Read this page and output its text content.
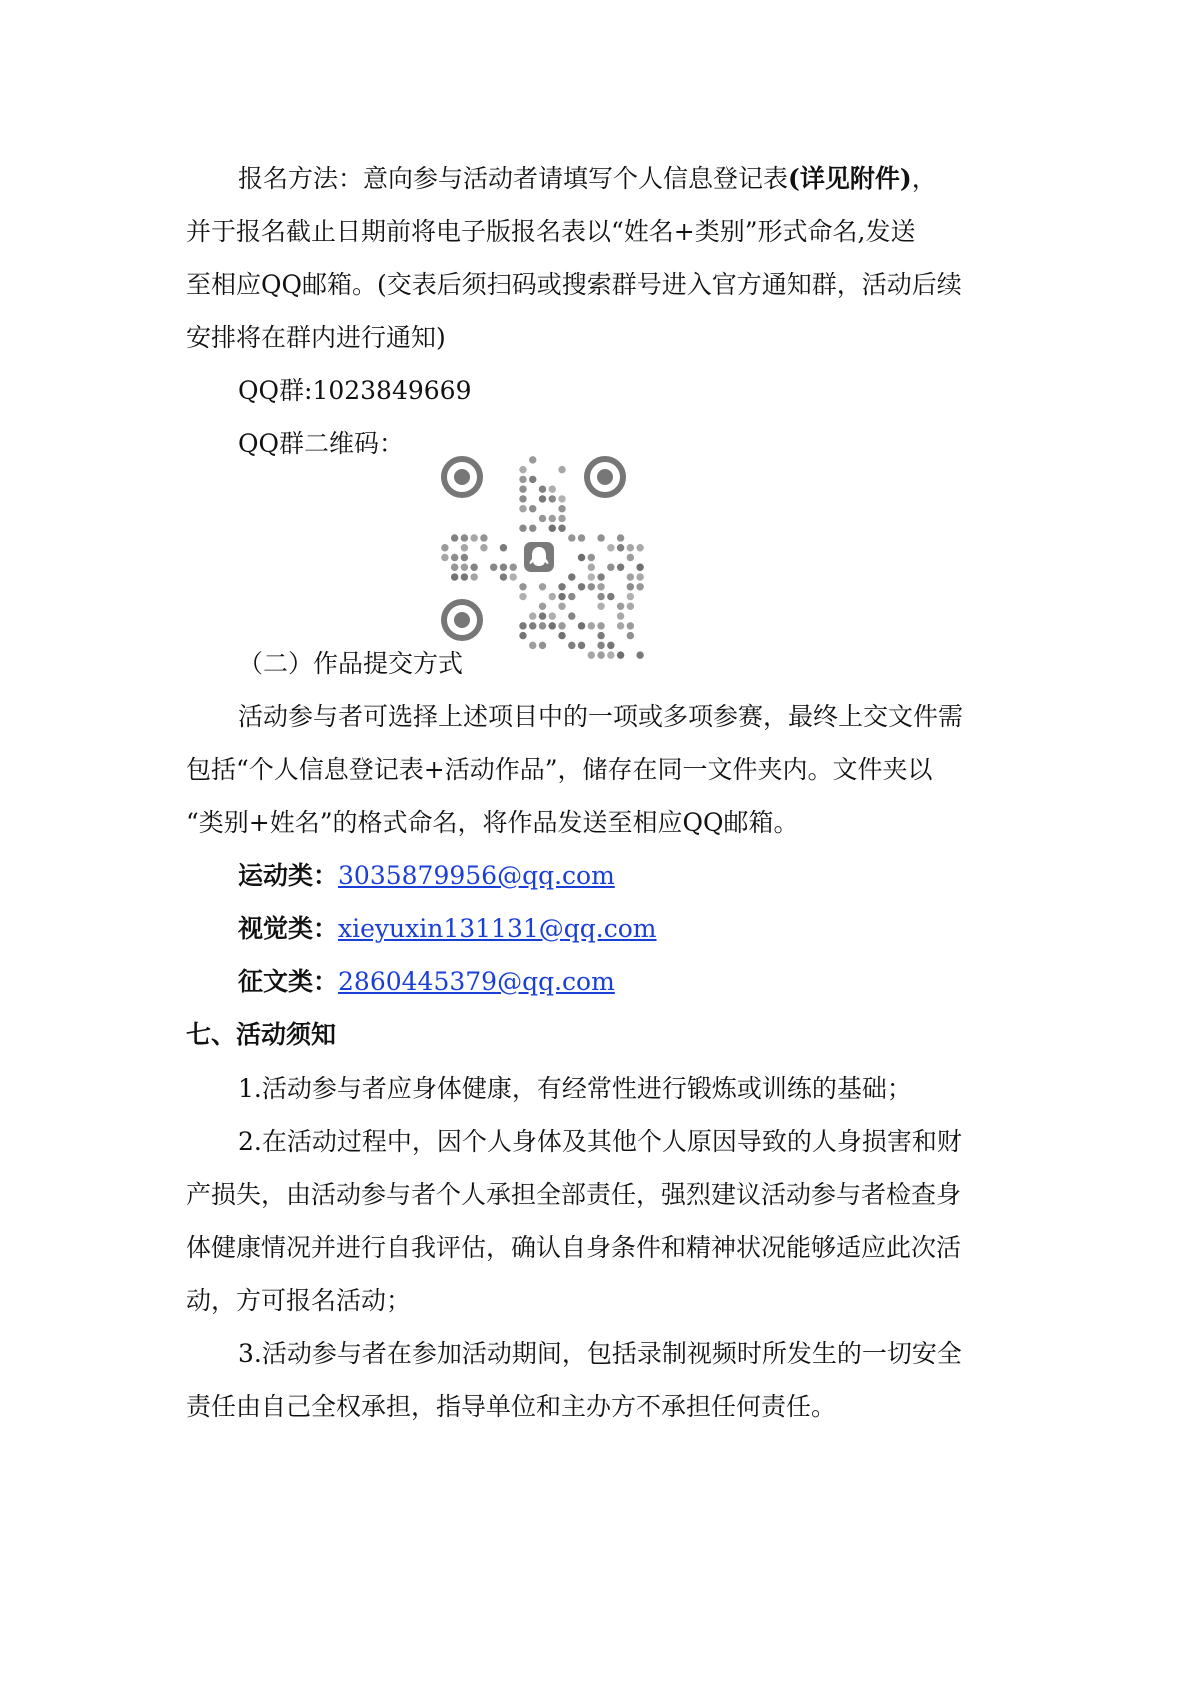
报名方法：意向参与活动者请填写个人信息登记表(详见附件)，
并于报名截止日期前将电子版报名表以“姓名+类别”形式命名,发送
至相应QQ邮箱。(交表后须扫码或搜索群号进入官方通知群，活动后续
安排将在群内进行通知)
QQ群:1023849669
QQ群二维码：
（二）作品提交方式
活动参与者可选择上述项目中的一项或多项参赛，最终上交文件需
包括“个人信息登记表+活动作品”，储存在同一文件夹内。文件夹以
“类别+姓名”的格式命名，将作品发送至相应QQ邮箱。
运动类：3035879956@qq.com
视觉类：xieyuxin131131@qq.com
征文类：2860445379@qq.com
七、活动须知
1.活动参与者应身体健康，有经常性进行锻炼或训练的基础；
2.在活动过程中，因个人身体及其他个人原因导致的人身损害和财
产损失，由活动参与者个人承担全部责任，强烈建议活动参与者检查身
体健康情况并进行自我评估，确认自身条件和精神状况能够适应此次活
动，方可报名活动；
3.活动参与者在参加活动期间，包括录制视频时所发生的一切安全
责任由自己全权承担，指导单位和主办方不承担任何责任。
